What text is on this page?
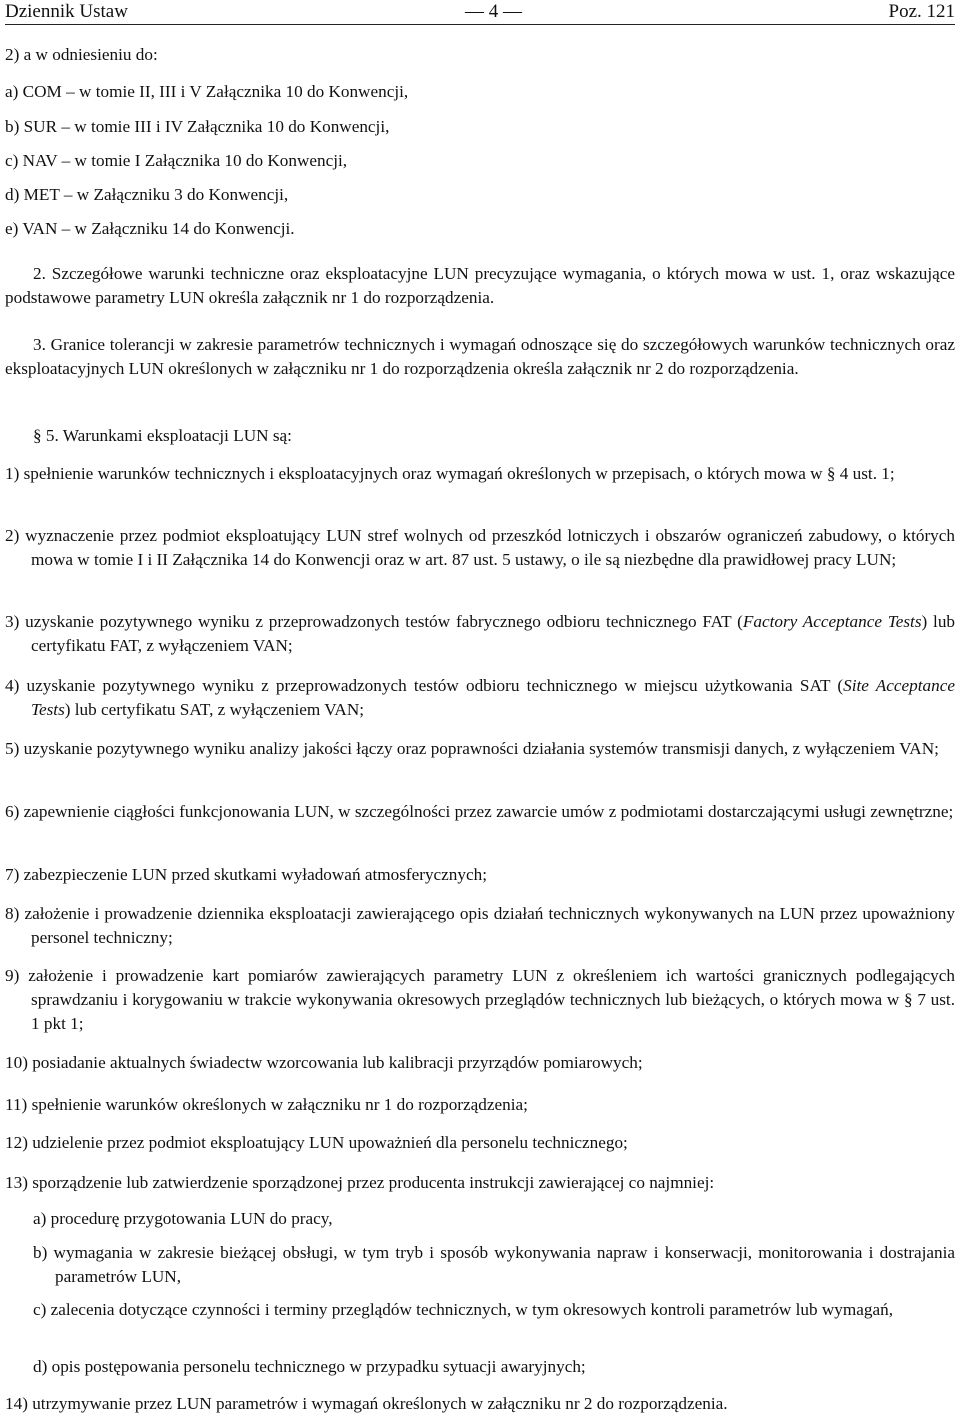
Dziennik Ustaw	— 4 —	Poz. 121

2) a w odniesieniu do:

a) COM – w tomie II, III i V Załącznika 10 do Konwencji,

b) SUR – w tomie III i IV Załącznika 10 do Konwencji,

c) NAV – w tomie I Załącznika 10 do Konwencji,

d) MET – w Załączniku 3 do Konwencji,

e) VAN – w Załączniku 14 do Konwencji.

2. Szczegółowe warunki techniczne oraz eksploatacyjne LUN precyzujące wymagania, o których mowa w ust. 1, oraz wskazujące podstawowe parametry LUN określa załącznik nr 1 do rozporządzenia.

3. Granice tolerancji w zakresie parametrów technicznych i wymagań odnoszące się do szczegółowych warunków technicznych oraz eksploatacyjnych LUN określonych w załączniku nr 1 do rozporządzenia określa załącznik nr 2 do rozporządzenia.

§ 5. Warunkami eksploatacji LUN są:

1) spełnienie warunków technicznych i eksploatacyjnych oraz wymagań określonych w przepisach, o których mowa w § 4 ust. 1;

2) wyznaczenie przez podmiot eksploatujący LUN stref wolnych od przeszkód lotniczych i obszarów ograniczeń zabudowy, o których mowa w tomie I i II Załącznika 14 do Konwencji oraz w art. 87 ust. 5 ustawy, o ile są niezbędne dla prawidłowej pracy LUN;

3) uzyskanie pozytywnego wyniku z przeprowadzonych testów fabrycznego odbioru technicznego FAT (Factory Acceptance Tests) lub certyfikatu FAT, z wyłączeniem VAN;

4) uzyskanie pozytywnego wyniku z przeprowadzonych testów odbioru technicznego w miejscu użytkowania SAT (Site Acceptance Tests) lub certyfikatu SAT, z wyłączeniem VAN;

5) uzyskanie pozytywnego wyniku analizy jakości łączy oraz poprawności działania systemów transmisji danych, z wyłączeniem VAN;

6) zapewnienie ciągłości funkcjonowania LUN, w szczególności przez zawarcie umów z podmiotami dostarczającymi usługi zewnętrzne;

7) zabezpieczenie LUN przed skutkami wyładowań atmosferycznych;

8) założenie i prowadzenie dziennika eksploatacji zawierającego opis działań technicznych wykonywanych na LUN przez upoważniony personel techniczny;

9) założenie i prowadzenie kart pomiarów zawierających parametry LUN z określeniem ich wartości granicznych podlegających sprawdzaniu i korygowaniu w trakcie wykonywania okresowych przeglądów technicznych lub bieżących, o których mowa w § 7 ust. 1 pkt 1;

10) posiadanie aktualnych świadectw wzorcowania lub kalibracji przyrządów pomiarowych;

11) spełnienie warunków określonych w załączniku nr 1 do rozporządzenia;

12) udzielenie przez podmiot eksploatujący LUN upoważnień dla personelu technicznego;

13) sporządzenie lub zatwierdzenie sporządzonej przez producenta instrukcji zawierającej co najmniej:

a) procedurę przygotowania LUN do pracy,

b) wymagania w zakresie bieżącej obsługi, w tym tryb i sposób wykonywania napraw i konserwacji, monitorowania i dostrajania parametrów LUN,

c) zalecenia dotyczące czynności i terminy przeglądów technicznych, w tym okresowych kontroli parametrów lub wymagań,

d) opis postępowania personelu technicznego w przypadku sytuacji awaryjnych;

14) utrzymywanie przez LUN parametrów i wymagań określonych w załączniku nr 2 do rozporządzenia.
